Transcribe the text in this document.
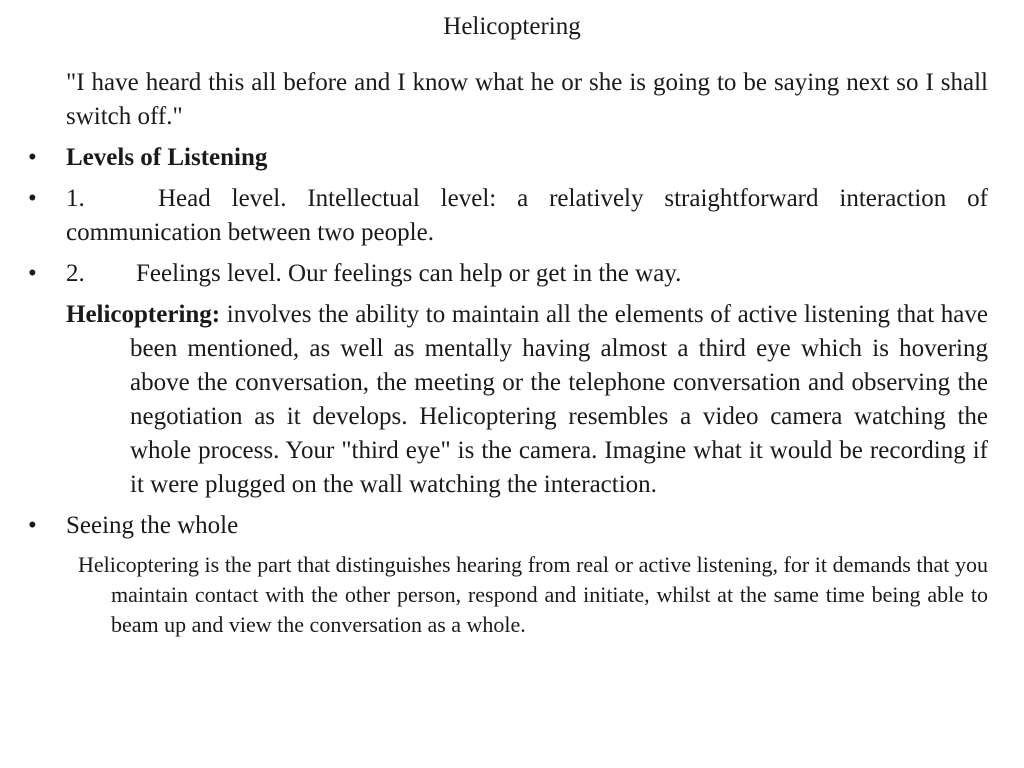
Helicoptering

"I have heard this all before and I know what he or she is going to be saying next so I shall switch off."

• Levels of Listening
• 1.	Head level. Intellectual level: a relatively straightforward interaction of communication between two people.
• 2. Feelings level. Our feelings can help or get in the way.
Helicoptering: involves the ability to maintain all the elements of active listening that have been mentioned, as well as mentally having almost a third eye which is hovering above the conversation, the meeting or the telephone conversation and observing the negotiation as it develops. Helicoptering resembles a video camera watching the whole process. Your "third eye" is the camera. Imagine what it would be recording if it were plugged on the wall watching the interaction.
• Seeing the whole

Helicoptering is the part that distinguishes hearing from real or active listening, for it demands that you maintain contact with the other person, respond and initiate, whilst at the same time being able to beam up and view the conversation as a whole.
